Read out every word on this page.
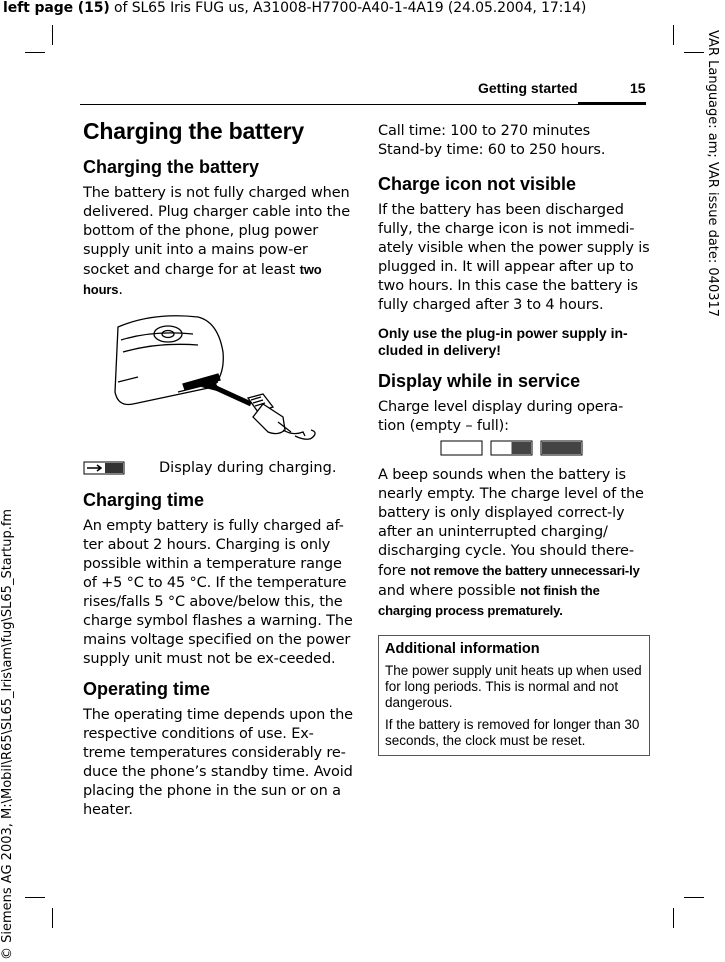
left page (15) of SL65 Iris FUG us, A31008-H7700-A40-1-4A19 (24.05.2004, 17:14)
VAR Language: am; VAR issue date: 040317
© Siemens AG 2003, M:\Mobil\R65\SL65_Iris\am\fug\SL65_Startup.fm
Getting started	15
Charging the battery
Charging the battery

The battery is not fully charged when delivered. Plug charger cable into the bottom of the phone, plug power supply unit into a mains pow-er socket and charge for at least two hours.

Display during charging.
Charging time

An empty battery is fully charged af-ter about 2 hours. Charging is only possible within a temperature range of +5 °C to 45 °C. If the temperature rises/falls 5 °C above/below this, the charge symbol flashes a warning. The mains voltage specified on the power supply unit must not be ex-ceeded.

Operating time

The operating time depends upon the respective conditions of use. Ex-treme temperatures considerably re-duce the phone’s standby time. Avoid placing the phone in the sun or on a heater.

Call time: 100 to 270 minutes
Stand-by time: 60 to 250 hours.

Charge icon not visible

If the battery has been discharged fully, the charge icon is not immedi-ately visible when the power supply is plugged in. It will appear after up to two hours. In this case the battery is fully charged after 3 to 4 hours.

Only use the plug-in power supply in-cluded in delivery!
Display while in service

Charge level display during opera-tion (empty – full):

A beep sounds when the battery is nearly empty. The charge level of the battery is only displayed correct-ly after an uninterrupted charging/ discharging cycle. You should there-fore not remove the battery unnecessari-ly and where possible not finish the charging process prematurely.

Additional information
The power supply unit heats up when used for long periods. This is normal and not dangerous.
If the battery is removed for longer than 30 seconds, the clock must be reset.
